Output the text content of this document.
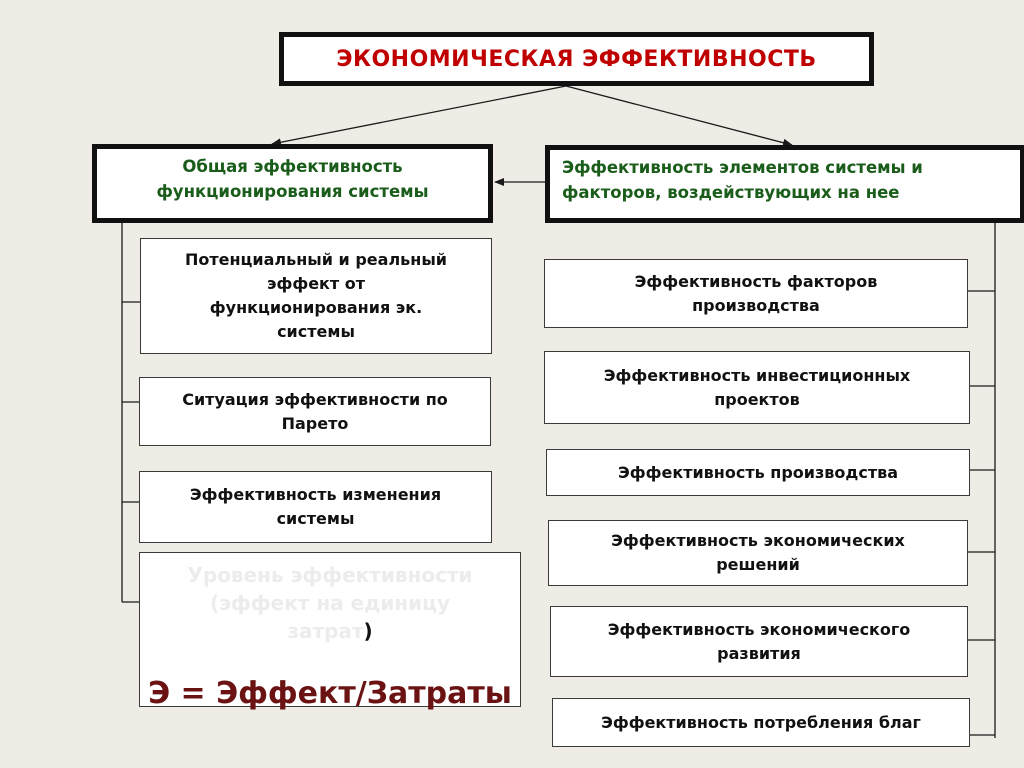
ЭКОНОМИЧЕСКАЯ ЭФФЕКТИВНОСТЬ
Общая эффективность
функционирования системы
Эффективность элементов системы и
факторов, воздействующих на нее
Потенциальный и реальный
эффект от
функционирования эк.
системы
Ситуация эффективности по
Парето
Эффективность изменения
системы
Уровень эффективности
(эффект на единицу
затрат)
Э = Эффект/Затраты
Эффективность факторов
производства
Эффективность инвестиционных
проектов
Эффективность производства
Эффективность экономических
решений
Эффективность экономического
развития
Эффективность потребления благ
